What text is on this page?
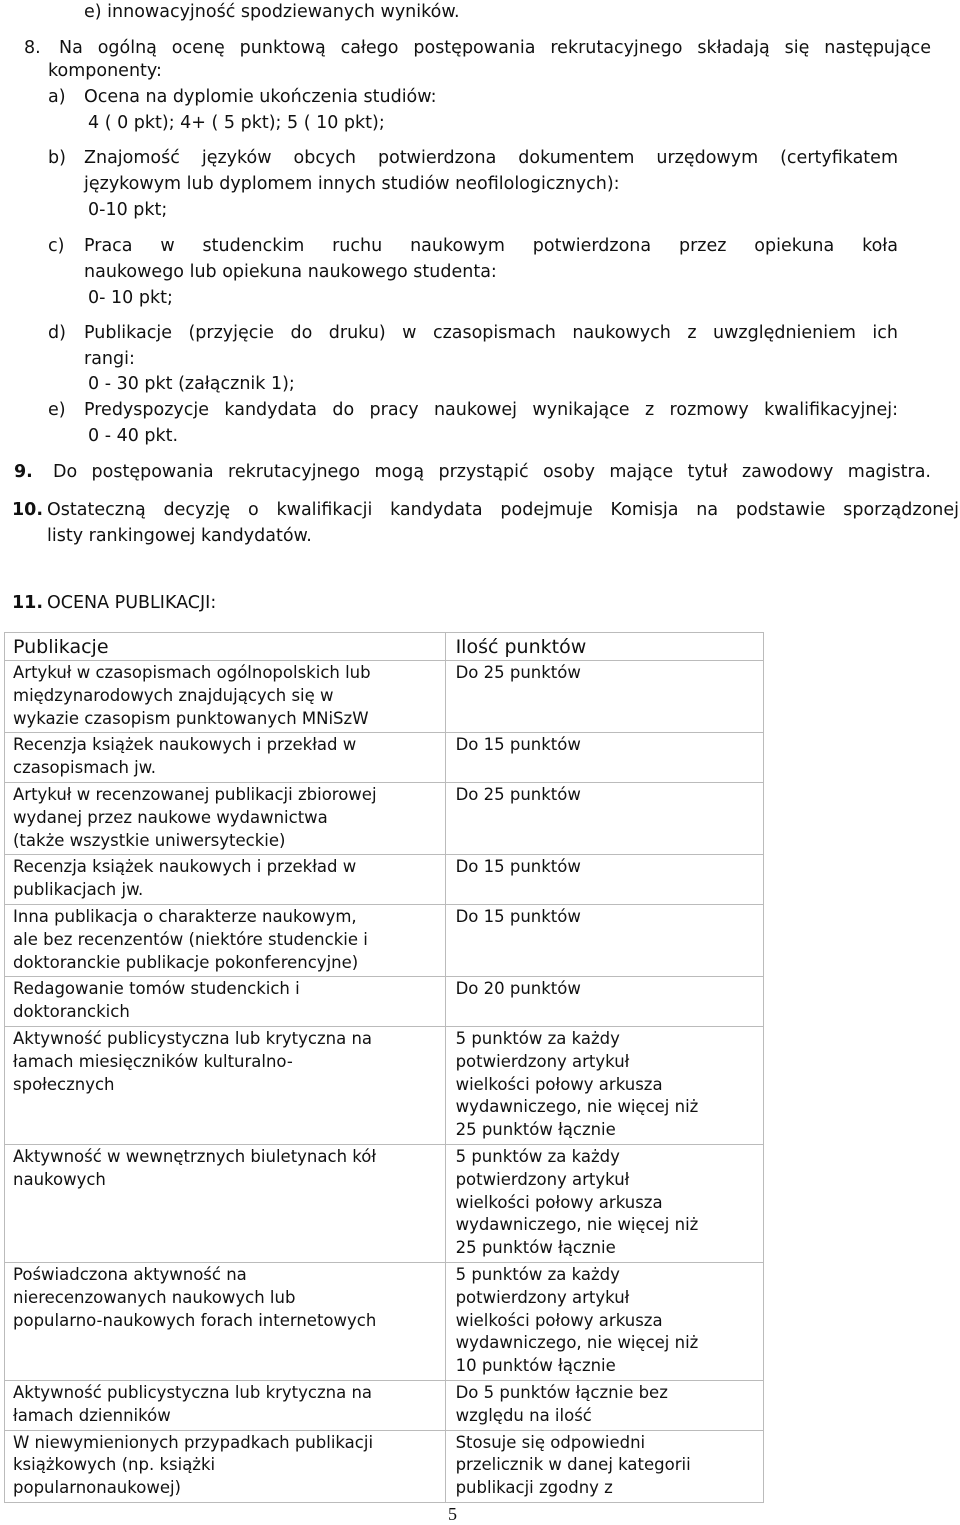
e) innowacyjność spodziewanych wyników.
8. Na ogólną ocenę punktową całego postępowania rekrutacyjnego składają się następujące
komponenty:
a) Ocena na dyplomie ukończenia studiów:
4 ( 0 pkt); 4+ ( 5 pkt); 5 ( 10 pkt);
b) Znajomość języków obcych potwierdzona dokumentem urzędowym (certyfikatem
językowym lub dyplomem innych studiów neofilologicznych):
0-10 pkt;
c) Praca w studenckim ruchu naukowym potwierdzona przez opiekuna koła
naukowego lub opiekuna naukowego studenta:
0- 10 pkt;
d) Publikacje (przyjęcie do druku) w czasopismach naukowych z uwzględnieniem ich
rangi:
0 - 30 pkt (załącznik 1);
e) Predyspozycje kandydata do pracy naukowej wynikające z rozmowy kwalifikacyjnej:
0 - 40 pkt.
9. Do postępowania rekrutacyjnego mogą przystąpić osoby mające tytuł zawodowy magistra.
10. Ostateczną decyzję o kwalifikacji kandydata podejmuje Komisja na podstawie sporządzonej
listy rankingowej kandydatów.
11. OCENA PUBLIKACJI:
Publikacje	Ilość punktów
Artykuł w czasopismach ogólnopolskich lub
międzynarodowych znajdujących się w
wykazie czasopism punktowanych MNiSzW	Do 25 punktów
Recenzja książek naukowych i przekład w
czasopismach jw.	Do 15 punktów
Artykuł w recenzowanej publikacji zbiorowej
wydanej przez naukowe wydawnictwa
(także wszystkie uniwersyteckie)	Do 25 punktów
Recenzja książek naukowych i przekład w
publikacjach jw.	Do 15 punktów
Inna publikacja o charakterze naukowym,
ale bez recenzentów (niektóre studenckie i
doktoranckie publikacje pokonferencyjne)	Do 15 punktów
Redagowanie tomów studenckich i
doktoranckich	Do 20 punktów
Aktywność publicystyczna lub krytyczna na
łamach miesięczników kulturalno-
społecznych	5 punktów za każdy
potwierdzony artykuł
wielkości połowy arkusza
wydawniczego, nie więcej niż
25 punktów łącznie
Aktywność w wewnętrznych biuletynach kół
naukowych	5 punktów za każdy
potwierdzony artykuł
wielkości połowy arkusza
wydawniczego, nie więcej niż
25 punktów łącznie
Poświadczona aktywność na
nierecenzowanych naukowych lub
popularno-naukowych forach internetowych	5 punktów za każdy
potwierdzony artykuł
wielkości połowy arkusza
wydawniczego, nie więcej niż
10 punktów łącznie
Aktywność publicystyczna lub krytyczna na
łamach dzienników	Do 5 punktów łącznie bez
względu na ilość
W niewymienionych przypadkach publikacji
książkowych (np. książki
popularnonaukowej)	Stosuje się odpowiedni
przelicznik w danej kategorii
publikacji zgodny z
5
